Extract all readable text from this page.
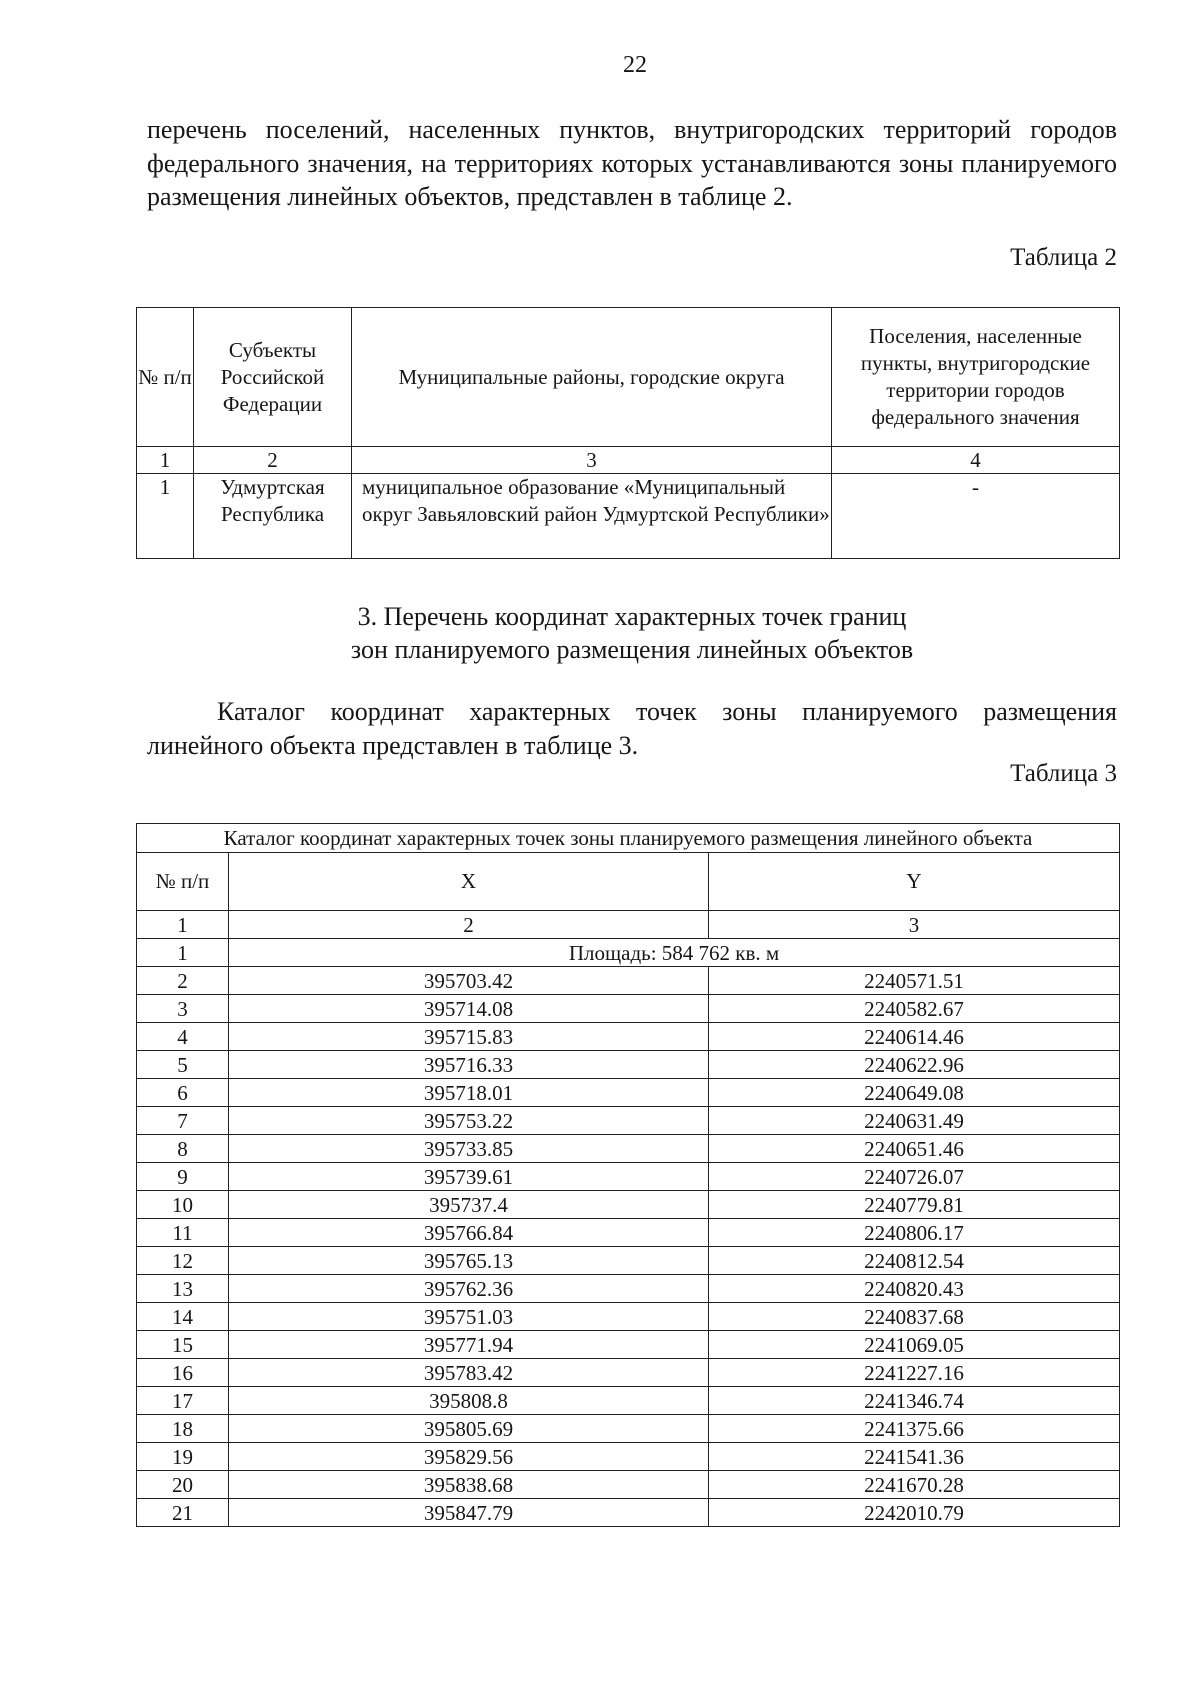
22

перечень поселений, населенных пунктов, внутригородских территорий городов федерального значения, на территориях которых устанавливаются зоны планируемого размещения линейных объектов, представлен в таблице 2.

Таблица 2
№ п/п	Субъекты Российской Федерации	Муниципальные районы, городские округа	Поселения, населенные пункты, внутригородские территории городов федерального значения
1	2	3	4
1	Удмуртская Республика	муниципальное образование «Муниципальный округ Завьяловский район Удмуртской Республики»	-
3. Перечень координат характерных точек границ
зон планируемого размещения линейных объектов

Каталог координат характерных точек зоны планируемого размещения линейного объекта представлен в таблице 3.

Таблица 3
Каталог координат характерных точек зоны планируемого размещения линейного объекта		
№ п/п	X	Y
1	2	3
1	Площадь: 584 762 кв. м	
2	395703.42	2240571.51
3	395714.08	2240582.67
4	395715.83	2240614.46
5	395716.33	2240622.96
6	395718.01	2240649.08
7	395753.22	2240631.49
8	395733.85	2240651.46
9	395739.61	2240726.07
10	395737.4	2240779.81
11	395766.84	2240806.17
12	395765.13	2240812.54
13	395762.36	2240820.43
14	395751.03	2240837.68
15	395771.94	2241069.05
16	395783.42	2241227.16
17	395808.8	2241346.74
18	395805.69	2241375.66
19	395829.56	2241541.36
20	395838.68	2241670.28
21	395847.79	2242010.79
